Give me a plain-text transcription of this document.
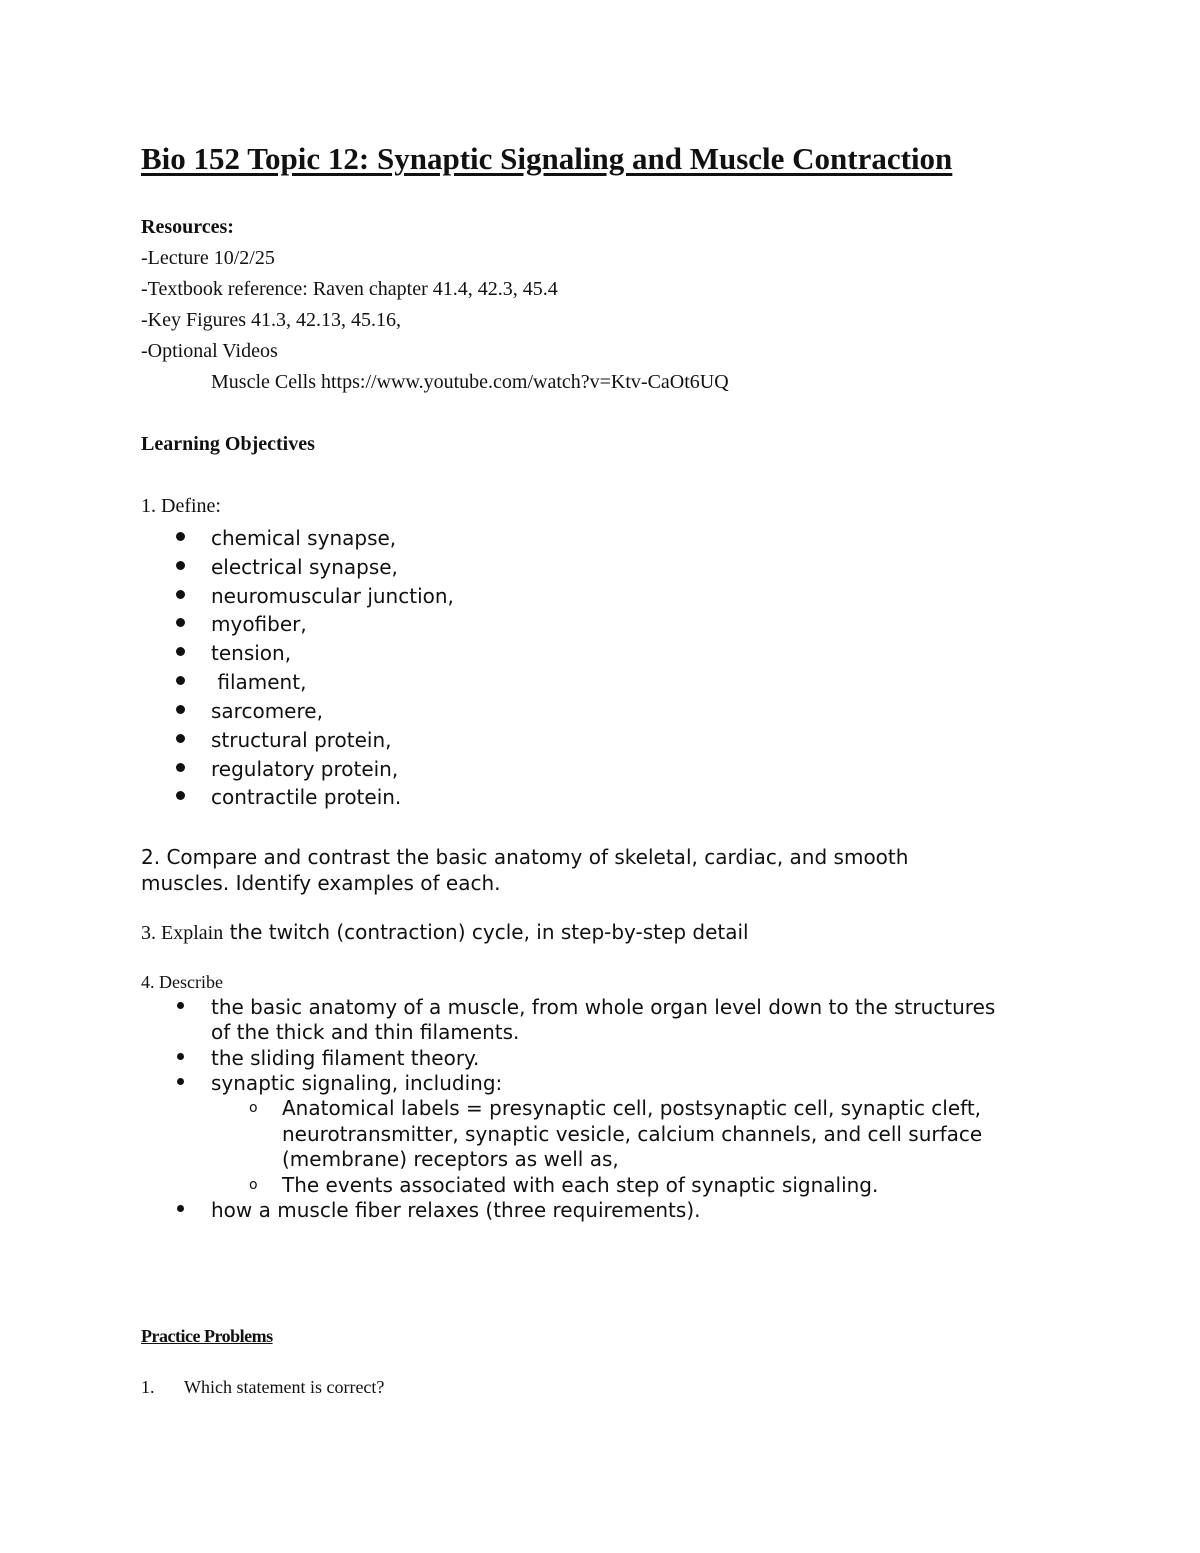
Bio 152 Topic 12: Synaptic Signaling and Muscle Contraction
Resources:
-Lecture 10/2/25
-Textbook reference: Raven chapter 41.4, 42.3, 45.4
-Key Figures 41.3, 42.13, 45.16,
-Optional Videos
Muscle Cells https://www.youtube.com/watch?v=Ktv-CaOt6UQ
Learning Objectives
1. Define:
chemical synapse,
electrical synapse,
neuromuscular junction,
myofiber,
tension,
filament,
sarcomere,
structural protein,
regulatory protein,
contractile protein.
2. Compare and contrast the basic anatomy of skeletal, cardiac, and smooth
muscles. Identify examples of each.
3. Explain the twitch (contraction) cycle, in step-by-step detail
4. Describe
the basic anatomy of a muscle, from whole organ level down to the structures
of the thick and thin filaments.
the sliding filament theory.
synaptic signaling, including:
o Anatomical labels = presynaptic cell, postsynaptic cell, synaptic cleft,
neurotransmitter, synaptic vesicle, calcium channels, and cell surface
(membrane) receptors as well as,
o The events associated with each step of synaptic signaling.
how a muscle fiber relaxes (three requirements).
Practice Problems
1. Which statement is correct?
